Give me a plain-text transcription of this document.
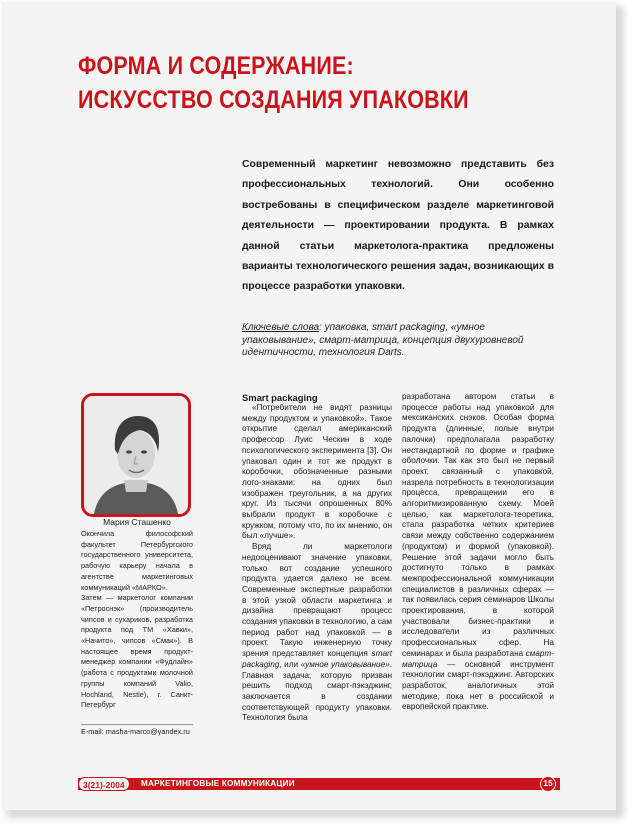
ФОРМА И СОДЕРЖАНИЕ:
ИСКУССТВО СОЗДАНИЯ УПАКОВКИ
Современный маркетинг невозможно представить без профессиональных технологий. Они особенно востребованы в специфическом разделе маркетинговой деятельности — проектировании продукта. В рамках данной статьи маркетолога-практика предложены варианты технологического решения задач, возникающих в процессе разработки упаковки.
Ключевые слова: упаковка, smart packaging, «умное упаковывание», смарт-матрица, концепция двухуровневой идентичности, технология Darts.
Мария Сташенко

Окончила философский факультет Петербургского государственного университета, рабочую карьеру начала в агентстве маркетинговых коммуникаций «МАРКО».

Затем — маркетолог компании «Петроснэк» (производитель чипсов и сухариков, разработка продукта под ТМ «Хавки», «Начито», чипсов «Смак»). В настоящее время продукт-менеджер компании «Фудлайн» (работа с продуктами молочной группы компаний Valio, Hochland, Nestle), г. Санкт-Петербург

E-mail: masha-marco@yandex.ru
Smart packaging

«Потребители не видят разницы между продуктом и упаковкой». Такое открытие сделал американский профессор Луис Ческин в ходе психологического эксперимента [3]. Он упаковал один и тот же продукт в коробочки, обозначенные разными лого-знаками: на одних был изображен треугольник, а на других круг. Из тысячи опрошенных 80% выбрали продукт в коробочке с кружком, потому что, по их мнению, он был «лучше».

Вряд ли маркетологи недооценивают значение упаковки, только вот создание успешного продукта удается далеко не всем. Современные экспертные разработки в этой узкой области маркетинга и дизайна превращают процесс создания упаковки в технологию, а сам период работ над упаковкой — в проект. Такую инженерную точку зрения представляет концепция smart packaging, или «умное упаковывание». Главная задача, которую призван решить подход смарт-пэкэджинг, заключается в создании соответствующей продукту упаковки. Технология была

разработана автором статьи в процессе работы над упаковкой для мексиканских снэков. Особая форма продукта (длинные, полые внутри палочки) предполагала разработку нестандартной по форме и графике оболочки. Так как это был не первый проект, связанный с упаковкой, назрела потребность в технологизации процесса, превращении его в алгоритмизированную схему. Моей целью, как маркетолога-теоретика, стала разработка четких критериев связи между собственно содержанием (продуктом) и формой (упаковкой). Решение этой задачи могло быть достигнуто только в рамках межпрофессиональной коммуникации специалистов в различных сферах — так появилась серия семинаров Школы проектирования, в которой участвовали бизнес-практики и исследователи из различных профессиональных сфер. На семинарах и была разработана смарт-матрица — основной инструмент технологии смарт-пэкэджинг. Авторских разработок, аналогичных этой методике, пока нет в российской и европейской практике.

3(21)-2004	МАРКЕТИНГОВЫЕ КОММУНИКАЦИИ	15
